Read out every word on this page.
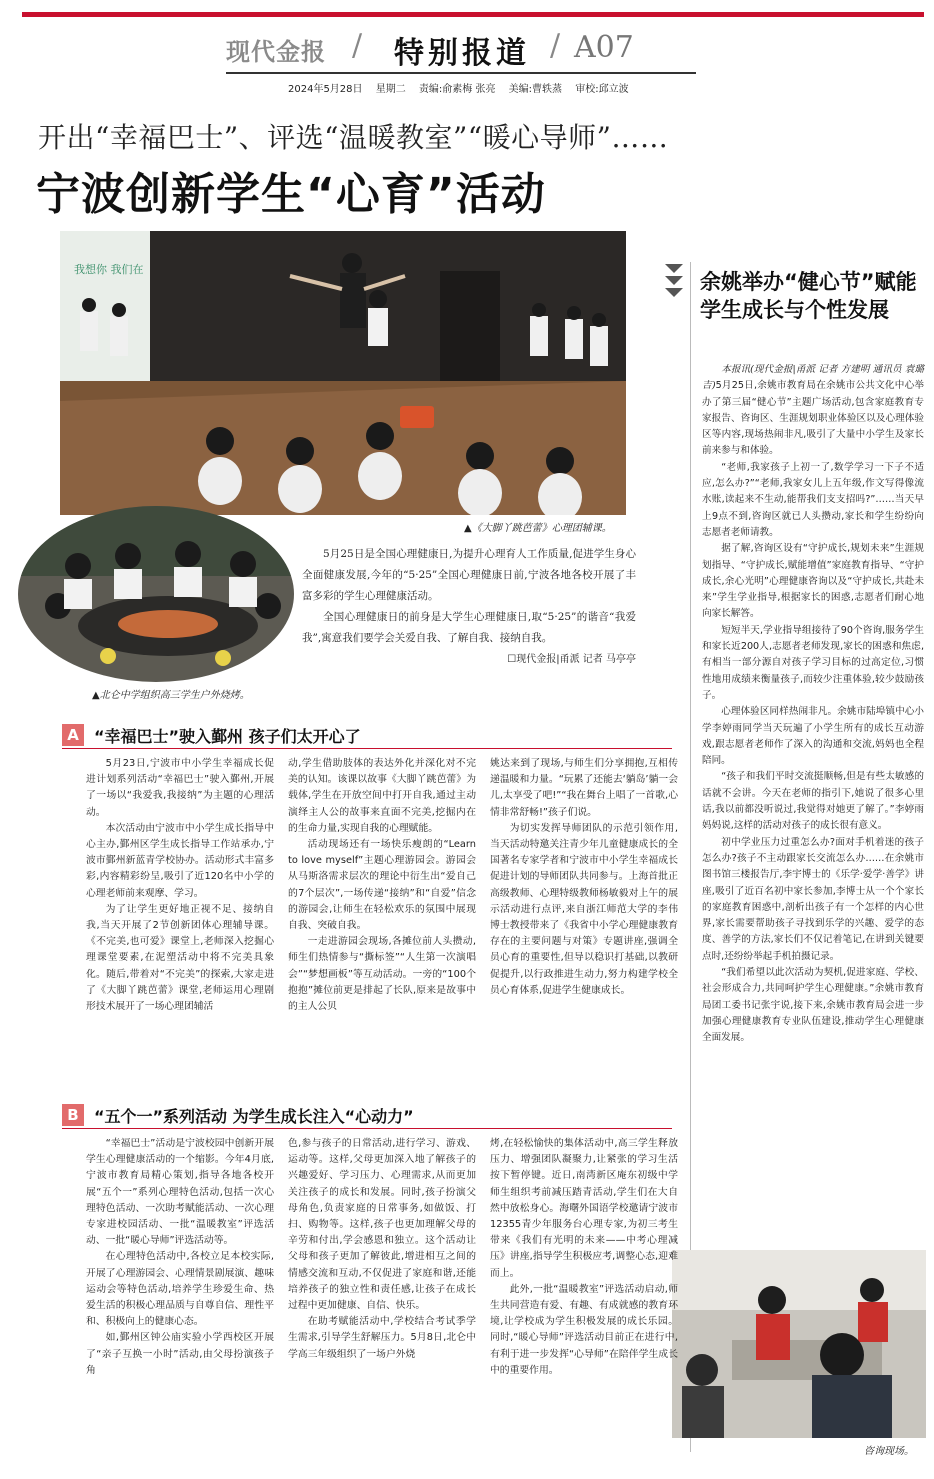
现代金报 / 特别报道 / A07
2024年5月28日 星期二 责编:俞素梅 张亮 美编:曹轶蒸 审校:邱立波
开出“幸福巴士”、评选“温暖教室”“暖心导师”……
宁波创新学生“心育”活动
我想你 我们在
▲《大脚丫跳芭蕾》心理团辅课。
▲北仑中学组织高三学生户外烧烤。

5月25日是全国心理健康日,为提升心理育人工作质量,促进学生身心全面健康发展,今年的“5·25”全国心理健康日前,宁波各地各校开展了丰富多彩的学生心理健康活动。

全国心理健康日的前身是大学生心理健康日,取“5·25”的谐音“我爱我”,寓意我们要学会关爱自我、了解自我、接纳自我。

☐现代金报|甬派 记者 马亭亭

余姚举办“健心节”赋能学生成长与个性发展

本报讯(现代金报|甬派 记者 方建明 通讯员 袁璐吉)5月25日,余姚市教育局在余姚市公共文化中心举办了第三届“健心节”主题广场活动,包含家庭教育专家报告、咨询区、生涯规划职业体验区以及心理体验区等内容,现场热闹非凡,吸引了大量中小学生及家长前来参与和体验。

“老师,我家孩子上初一了,数学学习一下子不适应,怎么办?”“老师,我家女儿上五年级,作文写得像流水账,读起来不生动,能帮我们支支招吗?”……当天早上9点不到,咨询区就已人头攒动,家长和学生纷纷向志愿者老师请教。

据了解,咨询区设有“守护成长,规划未来”生涯规划指导、“守护成长,赋能增值”家庭教育指导、“守护成长,余心光明”心理健康咨询以及“守护成长,共赴未来”学生学业指导,根据家长的困惑,志愿者们耐心地向家长解答。

短短半天,学业指导组接待了90个咨询,服务学生和家长近200人,志愿者老师发现,家长的困惑和焦虑,有相当一部分源自对孩子学习目标的过高定位,习惯性地用成绩来衡量孩子,而较少注重体验,较少鼓励孩子。

心理体验区同样热闹非凡。余姚市陆埠镇中心小学李婷雨同学当天玩遍了小学生所有的成长互动游戏,跟志愿者老师作了深入的沟通和交流,妈妈也全程陪同。

“孩子和我们平时交流挺顺畅,但是有些太敏感的话就不会讲。今天在老师的指引下,她说了很多心里话,我以前都没听说过,我觉得对她更了解了。”李婷雨妈妈说,这样的活动对孩子的成长很有意义。

初中学业压力过重怎么办?面对手机着迷的孩子怎么办?孩子不主动跟家长交流怎么办……在余姚市图书馆三楼报告厅,李宇博士的《乐学·爱学·善学》讲座,吸引了近百名初中家长参加,李博士从一个个家长的家庭教育困惑中,剖析出孩子有一个怎样的内心世界,家长需要帮助孩子寻找到乐学的兴趣、爱学的态度、善学的方法,家长们不仅记着笔记,在讲到关键要点时,还纷纷举起手机拍摄记录。

“我们希望以此次活动为契机,促进家庭、学校、社会形成合力,共同呵护学生心理健康。”余姚市教育局团工委书记张宇说,接下来,余姚市教育局会进一步加强心理健康教育专业队伍建设,推动学生心理健康全面发展。

咨询现场。
A “幸福巴士”驶入鄞州 孩子们太开心了

5月23日,宁波市中小学生幸福成长促进计划系列活动“幸福巴士”驶入鄞州,开展了一场以“我爱我,我接纳”为主题的心理活动。

本次活动由宁波市中小学生成长指导中心主办,鄞州区学生成长指导工作站承办,宁波市鄞州新蓝青学校协办。活动形式丰富多彩,内容精彩纷呈,吸引了近120名中小学的心理老师前来观摩、学习。

为了让学生更好地正视不足、接纳自我,当天开展了2节创新团体心理辅导课。《不完美,也可爱》课堂上,老师深入挖掘心理课堂要素,在泥塑活动中将不完美具象化。随后,带着对“不完美”的探索,大家走进了《大脚丫跳芭蕾》课堂,老师运用心理剧形技术展开了一场心理团辅活

动,学生借助肢体的表达外化并深化对不完美的认知。该课以故事《大脚丫跳芭蕾》为载体,学生在开放空间中打开自我,通过主动演绎主人公的故事来直面不完美,挖掘内在的生命力量,实现自我的心理赋能。

活动现场还有一场快乐瘦朗的“Learn to love myself”主题心理游园会。游园会从马斯洛需求层次的理论中衍生出“爱自己的7个层次”,一场传递“接纳”和“自爱”信念的游园会,让师生在轻松欢乐的氛围中展现自我、突破自我。

一走进游园会现场,各摊位前人头攒动,师生们热情参与“撕标签”“人生第一次演唱会”“梦想画板”等互动活动。一旁的“100个抱抱”摊位前更是排起了长队,原来是故事中的主人公贝

姚达来到了现场,与师生们分享拥抱,互相传递温暖和力量。“玩累了还能去‘躺岛’躺一会儿,太享受了吧!”“我在舞台上唱了一首歌,心情非常舒畅!”孩子们说。

为切实发挥导师团队的示范引领作用,当天活动特邀关注青少年儿童健康成长的全国著名专家学者和宁波市中小学生幸福成长促进计划的导师团队共同参与。上海首批正高级教师、心理特级教师杨敏毅对上午的展示活动进行点评,来自浙江师范大学的李伟博士教授带来了《我省中小学心理健康教育存在的主要问题与对策》专题讲座,强调全员心育的重要性,但导以稳识打基础,以教研促提升,以行政推进生动力,努力构建学校全员心育体系,促进学生健康成长。

B “五个一”系列活动 为学生成长注入“心动力”

“幸福巴士”活动是宁波校园中创新开展学生心理健康活动的一个缩影。今年4月底,宁波市教育局精心策划,指导各地各校开展“五个一”系列心理特色活动,包括一次心理特色活动、一次助考赋能活动、一次心理专家进校园活动、一批“温暖教室”评选活动、一批“暖心导师”评选活动等。

在心理特色活动中,各校立足本校实际,开展了心理游园会、心理情景剧展演、趣味运动会等特色活动,培养学生珍爱生命、热爱生活的积极心理品质与自尊自信、理性平和、积极向上的健康心态。

如,鄞州区钟公庙实验小学西校区开展了“亲子互换一小时”活动,由父母扮演孩子角

色,参与孩子的日常活动,进行学习、游戏、运动等。这样,父母更加深入地了解孩子的兴趣爱好、学习压力、心理需求,从而更加关注孩子的成长和发展。同时,孩子扮演父母角色,负责家庭的日常事务,如做饭、打扫、购物等。这样,孩子也更加理解父母的辛劳和付出,学会感恩和独立。这个活动让父母和孩子更加了解彼此,增进相互之间的情感交流和互动,不仅促进了家庭和谐,还能培养孩子的独立性和责任感,让孩子在成长过程中更加健康、自信、快乐。

在助考赋能活动中,学校结合考试季学生需求,引导学生舒解压力。5月8日,北仑中学高三年级组织了一场户外烧

烤,在轻松愉快的集体活动中,高三学生释放压力、增强团队凝聚力,让紧张的学习生活按下暂停键。近日,南湾新区庵东初级中学师生组织考前减压踏青活动,学生们在大自然中放松身心。海曙外国语学校邀请宁波市12355青少年服务台心理专家,为初三考生带来《我们有光明的未来——中考心理减压》讲座,指导学生积极应考,调整心态,迎难而上。

此外,一批“温暖教室”评选活动启动,师生共同营造有爱、有趣、有成就感的教育环境,让学校成为学生积极发展的成长乐园。同时,“暖心导师”评选活动目前正在进行中,有利于进一步发挥“心导师”在陪伴学生成长中的重要作用。
